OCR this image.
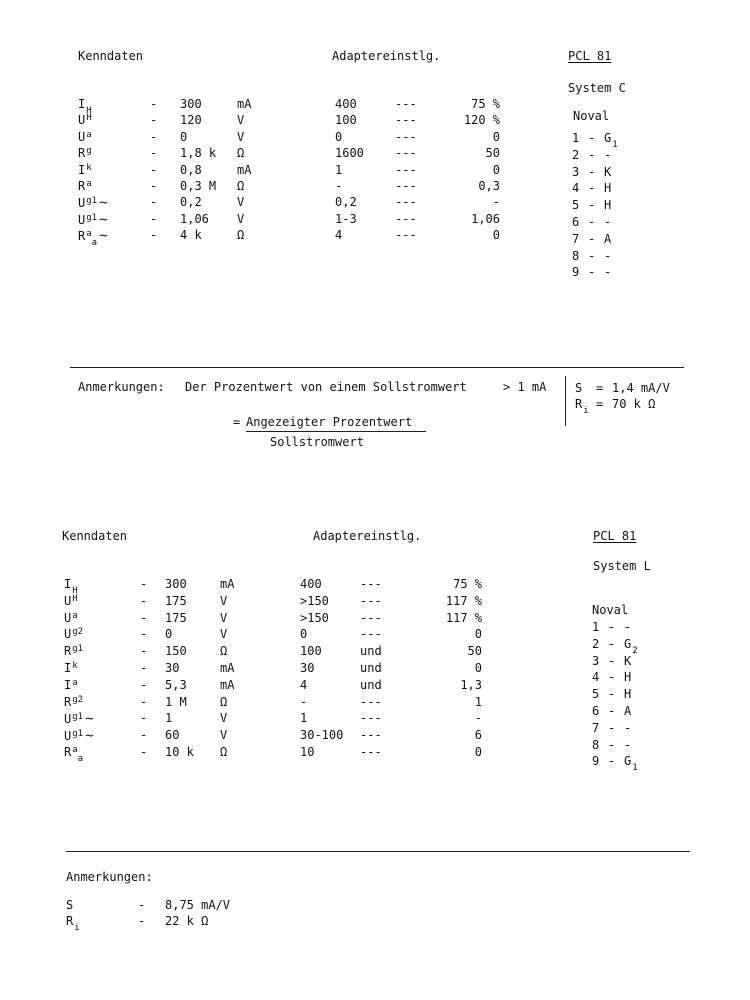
Kenndaten	Adaptereinstlg.	PCL 81
System C
Noval
$I_H$	- 300	mA	400	---	75 %
$U^H$	- 120	V	100	---	120 %
$U^a$	- 0	V	0	---	0
$R^g$	- 1,8 k Ω	1600	---	50
$I^k$	- 0,8	mA	1	---	0
$R^a$	- 0,3 M Ω	-	---	0,3
$U^{g1}$ ~	- 0,2	V	0,2	---	-
$U^{g1}$ ~	- 1,06 V	1-3	---	1,06
$R^a_a$ ~	- 4 k	Ω	4	---	0
$1 - G_1$
2 - -
3 - K
4 - H
5 - H
6 - -
7 - A
8 - -
9 - -
Anmerkungen: Der Prozentwert von einem Sollstromwert	> 1 mA
= Angezeigter Prozentwert
Sollstromwert
S = 1,4 mA/V
$R_i = 70$ k Ω
Kenndaten	Adaptereinstlg.	PCL 81
System L
Noval
$I_H$	- 300	mA	400	---	75 %
$U^H$	- 175	V	>150	---	117 %
$U^a$	- 175	V	>150	---	117 %
$U^{g2}$	- 0	V	0	---	0
$R^{g1}$	- 150	Ω	100	und	50
$I^k$	- 30	mA	30	und	0
$I^a$	- 5,3	mA	4	und	1,3
$R^{g2}$	- 1 M	Ω	-	---	1
$U^{g1}$ ~	- 1	V	1	---	-
$U^{g1}$ ~	- 60	V	30-100 ---	6
$R^a_a$	- 10 k Ω	10	---	0
1 - -
$2 - G_2$
3 - K
4 - H
5 - H
6 - A
7 - -
8 - -
$9 - G_1$
Anmerkungen:
S	- 8,75 mA/V
$R_i$	- 22 k Ω
